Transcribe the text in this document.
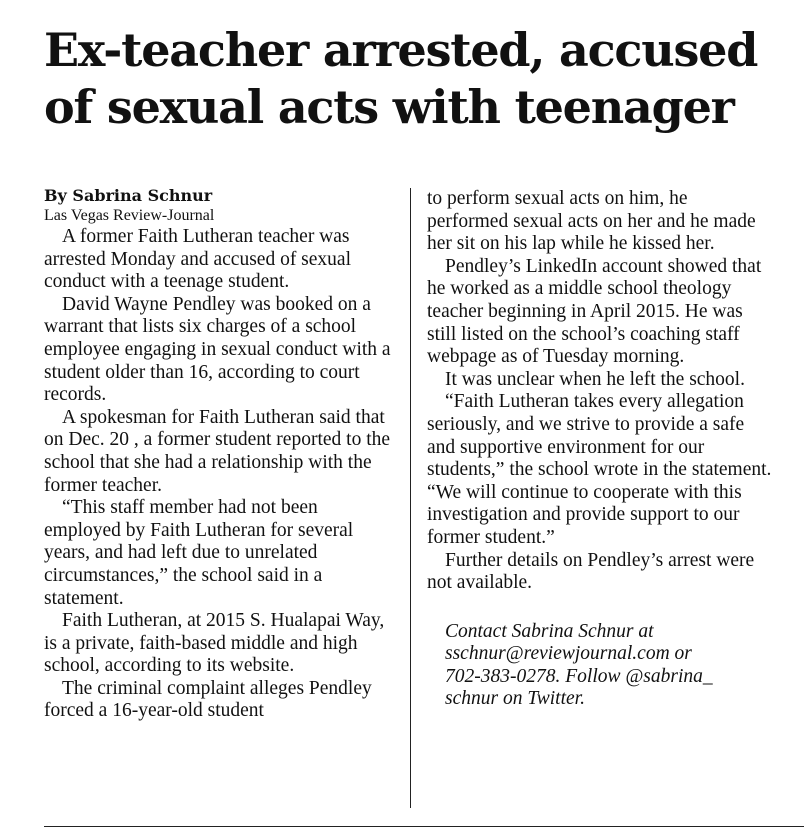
Ex-teacher arrested, accused
of sexual acts with teenager

By Sabrina Schnur

Las Vegas Review-Journal

A former Faith Lutheran teacher was arrested Monday and accused of sexual conduct with a teenage student.

David Wayne Pendley was booked on a warrant that lists six charges of a school employee engaging in sexual conduct with a student older than 16, according to court records.

A spokesman for Faith Lutheran said that on Dec. 20 , a former student reported to the school that she had a relationship with the former teacher.

“This staff member had not been employed by Faith Lutheran for several years, and had left due to unrelated circumstances,” the school said in a statement.

Faith Lutheran, at 2015 S. Hualapai Way, is a private, faith-based middle and high school, according to its website.

The criminal complaint alleges Pendley forced a 16-year-old student

to perform sexual acts on him, he performed sexual acts on her and he made her sit on his lap while he kissed her.

Pendley’s LinkedIn account showed that he worked as a middle school theology teacher beginning in April 2015. He was still listed on the school’s coaching staff webpage as of Tuesday morning.

It was unclear when he left the school.

“Faith Lutheran takes every allegation seriously, and we strive to provide a safe and supportive environment for our students,” the school wrote in the statement. “We will continue to cooperate with this investigation and provide support to our former student.”

Further details on Pendley’s arrest were not available.

Contact Sabrina Schnur at

sschnur@reviewjournal.com or

702-383-0278. Follow @sabrina_

schnur on Twitter.
